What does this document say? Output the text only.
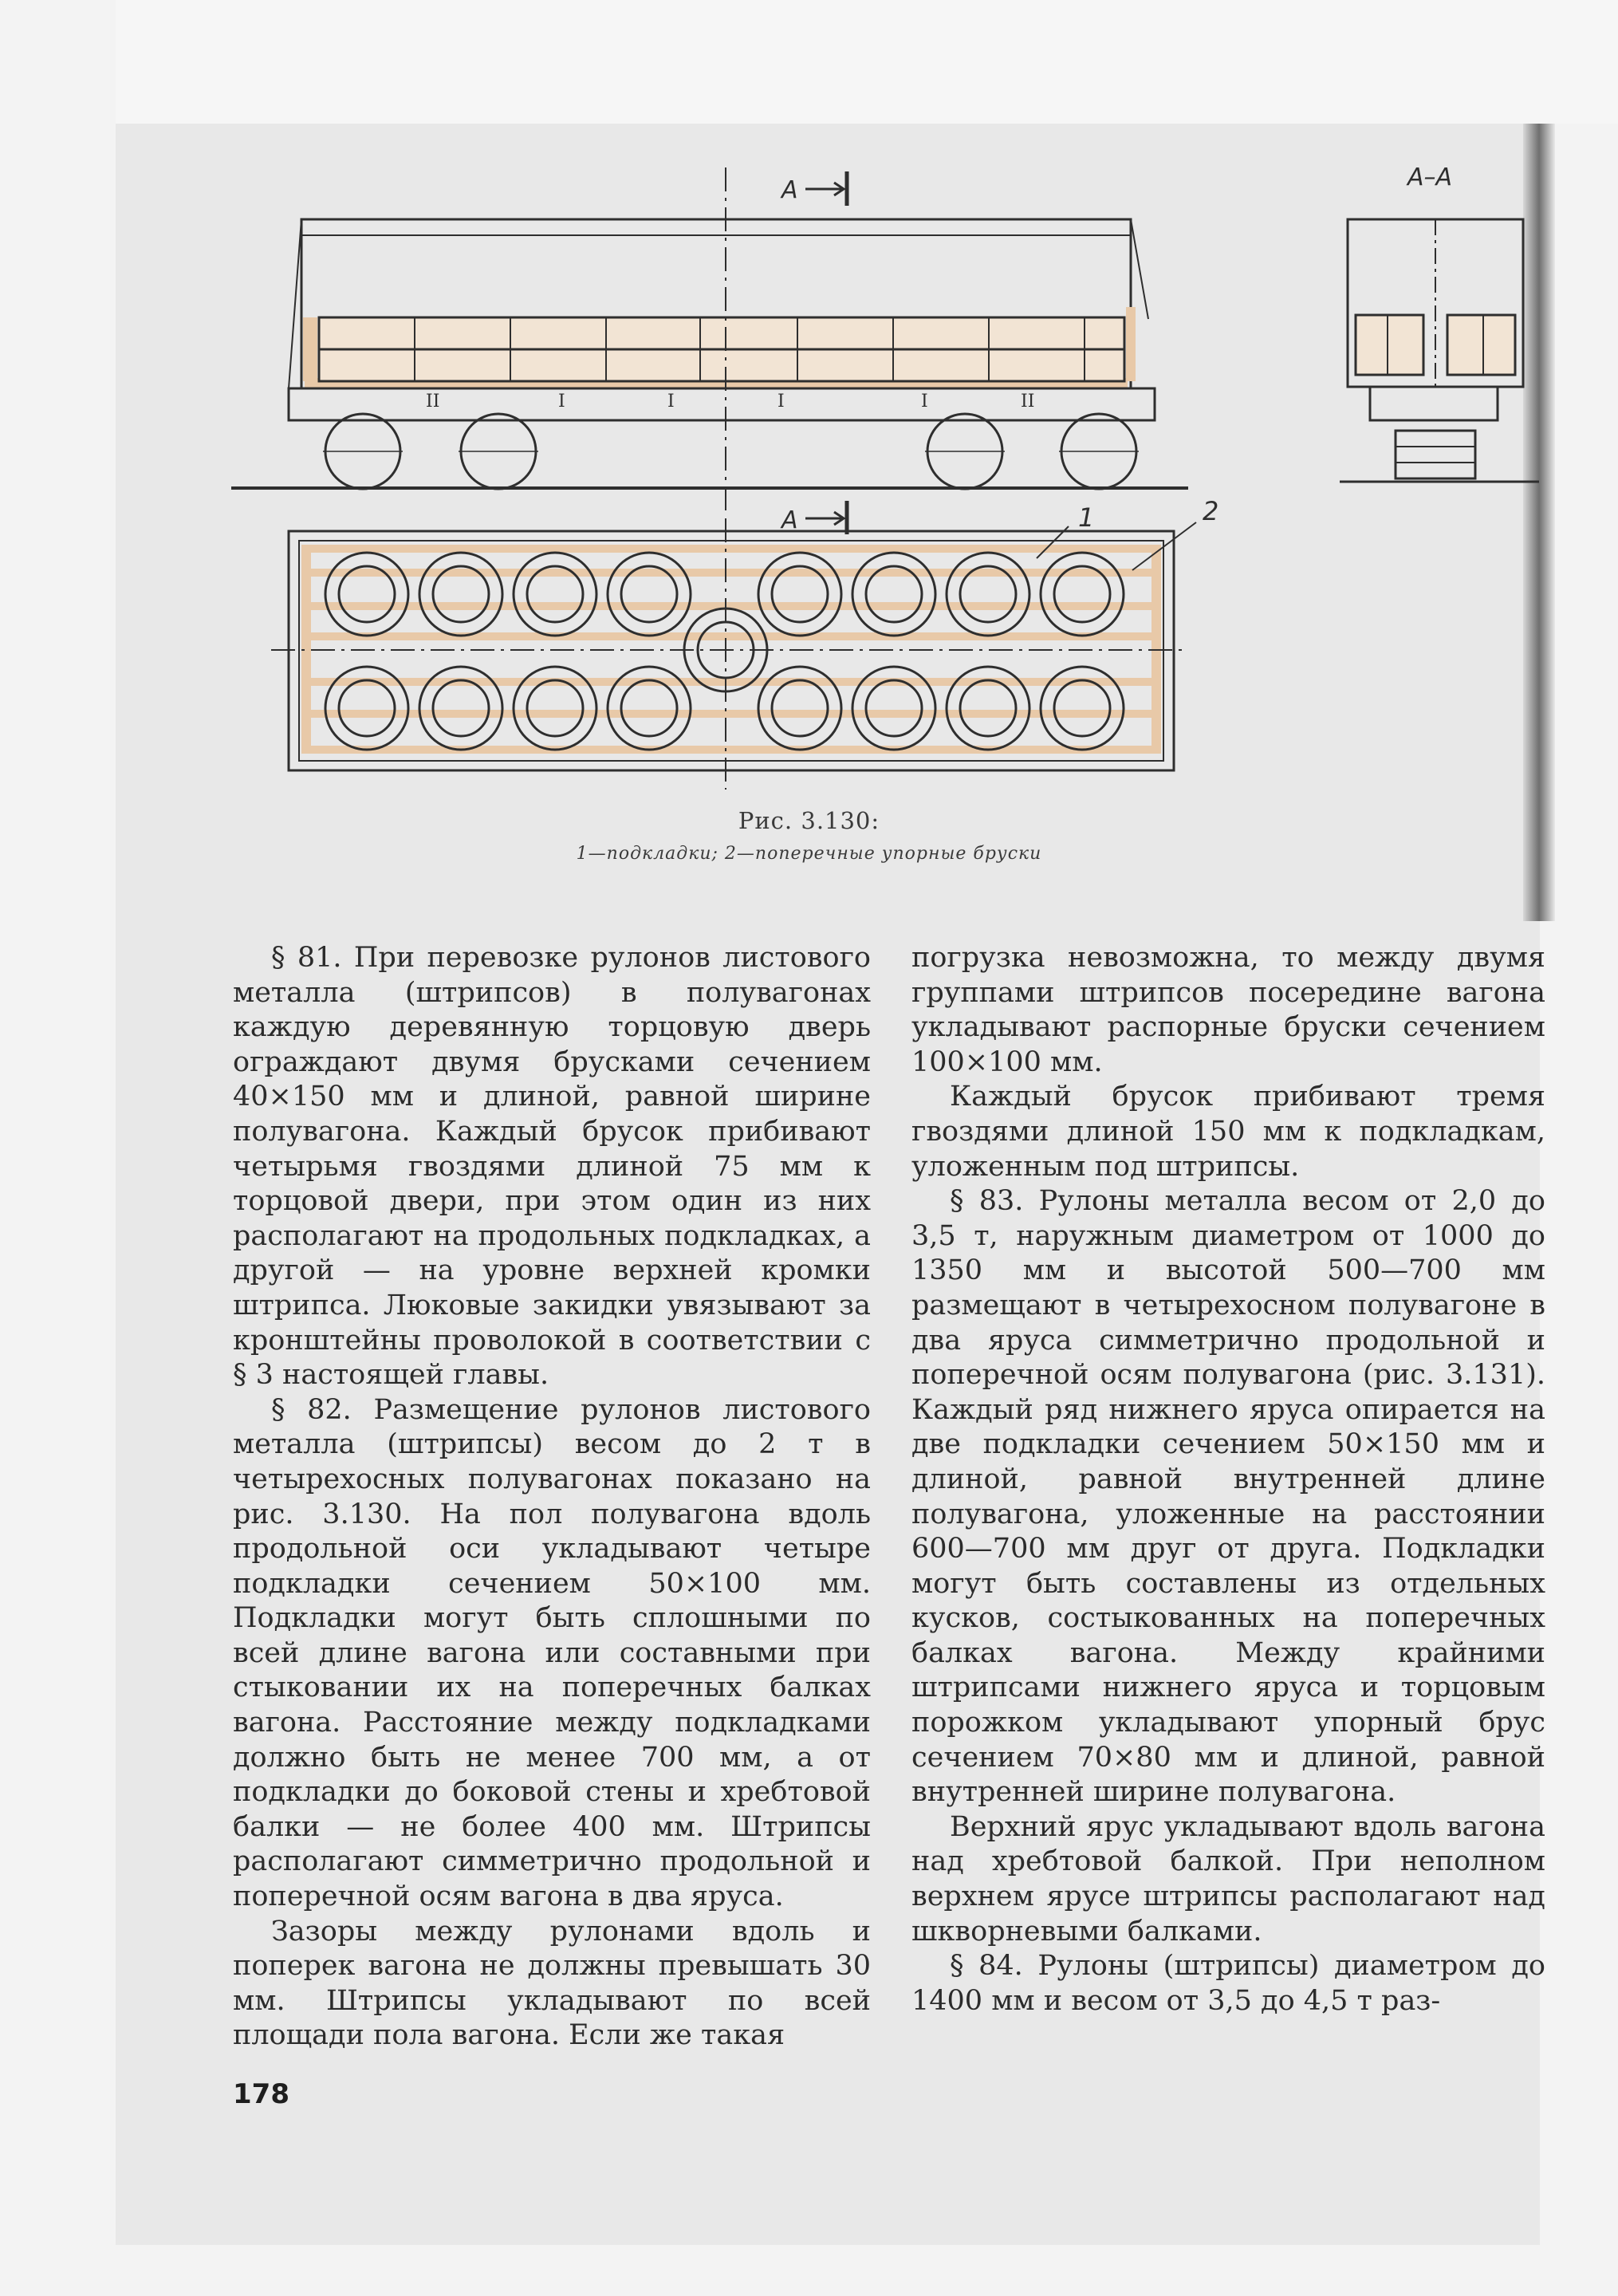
А
А
А–А
1	2
II	I	I	I	I	II
Рис. 3.130:
1—подкладки; 2—поперечные упорные бруски

§ 81. При перевозке рулонов листового металла (штрипсов) в полувагонах каждую деревянную торцовую дверь ограждают двумя брусками сечением 40×150 мм и длиной, равной ширине полувагона. Каждый брусок прибивают четырьмя гвоздями длиной 75 мм к торцовой двери, при этом один из них располагают на продольных подкладках, а другой — на уровне верхней кромки штрипса. Люковые закидки увязывают за кронштейны проволокой в соответствии с § 3 настоящей главы.

§ 82. Размещение рулонов листового металла (штрипсы) весом до 2 т в четырехосных полувагонах показано на рис. 3.130. На пол полувагона вдоль продольной оси укладывают четыре подкладки сечением 50×100 мм. Подкладки могут быть сплошными по всей длине вагона или составными при стыковании их на поперечных балках вагона. Расстояние между подкладками должно быть не менее 700 мм, а от подкладки до боковой стены и хребтовой балки — не более 400 мм. Штрипсы располагают симметрично продольной и поперечной осям вагона в два яруса.

Зазоры между рулонами вдоль и поперек вагона не должны превышать 30 мм. Штрипсы укладывают по всей площади пола вагона. Если же такая

погрузка невозможна, то между двумя группами штрипсов посередине вагона укладывают распорные бруски сечением 100×100 мм.

Каждый брусок прибивают тремя гвоздями длиной 150 мм к подкладкам, уложенным под штрипсы.

§ 83. Рулоны металла весом от 2,0 до 3,5 т, наружным диаметром от 1000 до 1350 мм и высотой 500—700 мм размещают в четырехосном полувагоне в два яруса симметрично продольной и поперечной осям полувагона (рис. 3.131). Каждый ряд нижнего яруса опирается на две подкладки сечением 50×150 мм и длиной, равной внутренней длине полувагона, уложенные на расстоянии 600—700 мм друг от друга. Подкладки могут быть составлены из отдельных кусков, состыкованных на поперечных балках вагона. Между крайними штрипсами нижнего яруса и торцовым порожком укладывают упорный брус сечением 70×80 мм и длиной, равной внутренней ширине полувагона.

Верхний ярус укладывают вдоль вагона над хребтовой балкой. При неполном верхнем ярусе штрипсы располагают над шкворневыми балками.

§ 84. Рулоны (штрипсы) диаметром до 1400 мм и весом от 3,5 до 4,5 т раз-

178
